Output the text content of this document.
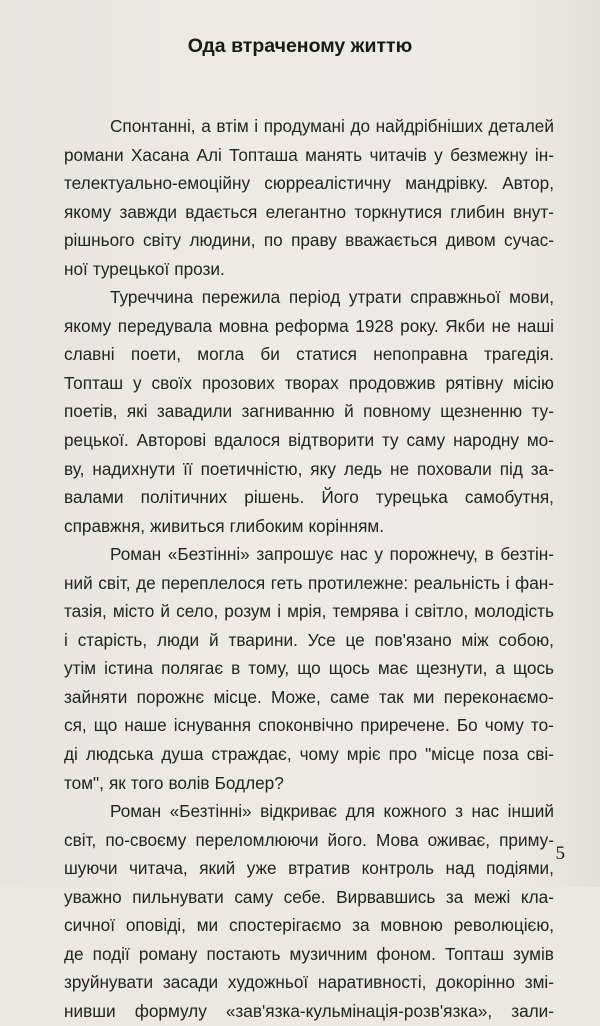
Ода втраченому життю
Спонтанні, а втім і продумані до найдрібніших деталей
романи Хасана Алі Топташа манять читачів у безмежну ін-
телектуально-емоційну сюрреалістичну мандрівку. Автор,
якому завжди вдається елегантно торкнутися глибин внут-
рішнього світу людини, по праву вважається дивом сучас-
ної турецької прози.
Туреччина пережила період утрати справжньої мови,
якому передувала мовна реформа 1928 року. Якби не наші
славні поети, могла би статися непоправна трагедія.
Топташ у своїх прозових творах продовжив рятівну місію
поетів, які завадили загниванню й повному щезненню ту-
рецької. Авторові вдалося відтворити ту саму народну мо-
ву, надихнути її поетичністю, яку ледь не поховали під за-
валами політичних рішень. Його турецька самобутня,
справжня, живиться глибоким корінням.
Роман «Безтінні» запрошує нас у порожнечу, в безтін-
ний світ, де переплелося геть протилежне: реальність і фан-
тазія, місто й село, розум і мрія, темрява і світло, молодість
і старість, люди й тварини. Усе це пов'язано між собою,
утім істина полягає в тому, що щось має щезнути, а щось
зайняти порожнє місце. Може, саме так ми переконаємо-
ся, що наше існування споконвічно приречене. Бо чому то-
ді людська душа страждає, чому мріє про "місце поза сві-
том", як того волів Бодлер?
Роман «Безтінні» відкриває для кожного з нас інший
світ, по-своєму переломлюючи його. Мова оживає, приму-
шуючи читача, який уже втратив контроль над подіями,
уважно пильнувати саму себе. Вирвавшись за межі кла-
сичної оповіді, ми спостерігаємо за мовною революцією,
де події роману постають музичним фоном. Топташ зумів
зруйнувати засади художньої наративності, докорінно змі-
нивши формулу «зав'язка-кульмінація-розв'язка», зали-
5
